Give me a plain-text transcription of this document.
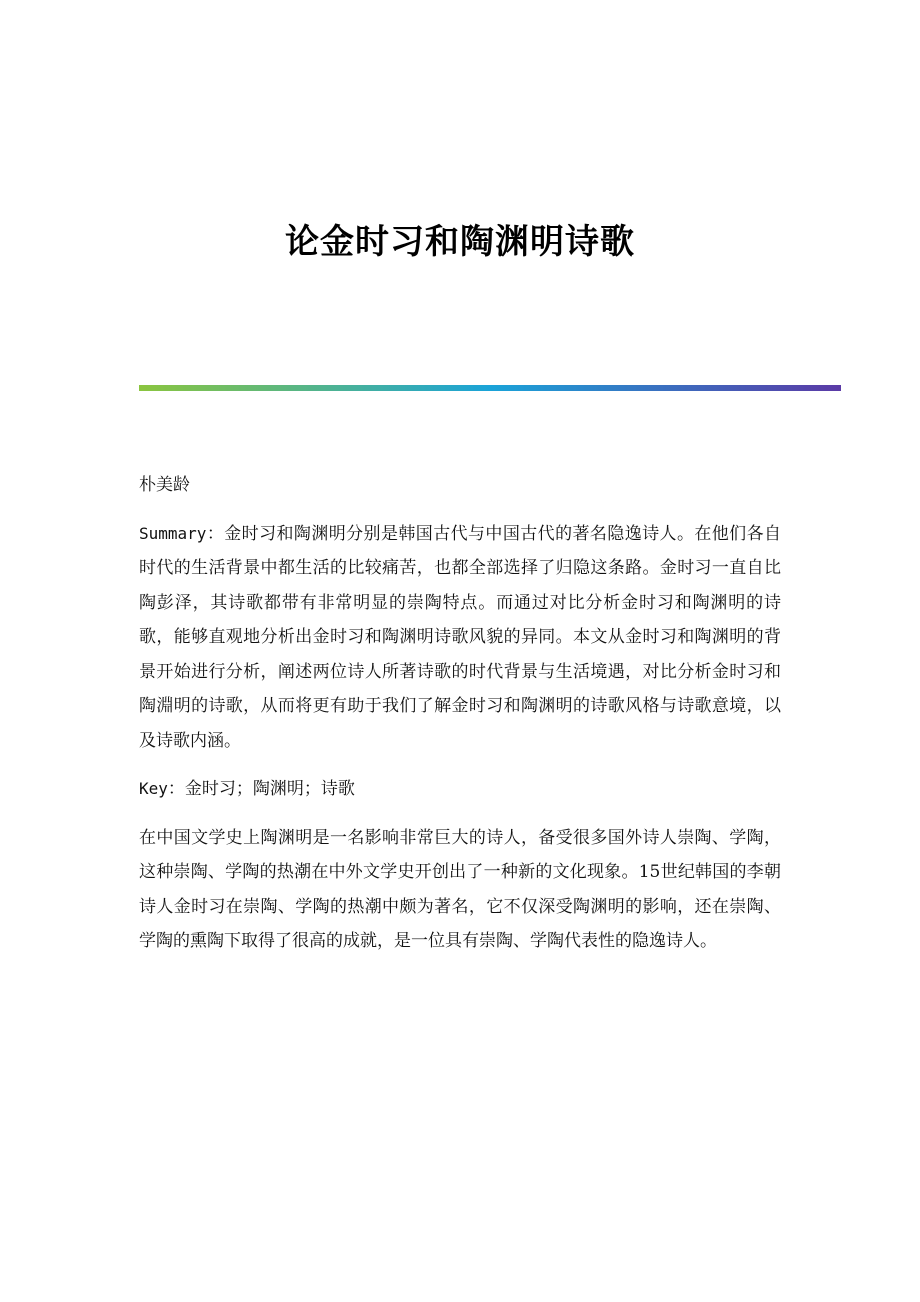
论金时习和陶渊明诗歌

朴美龄

Summary：金时习和陶渊明分别是韩国古代与中国古代的著名隐逸诗人。在他们各自时代的生活背景中都生活的比较痛苦，也都全部选择了归隐这条路。金时习一直自比陶彭泽，其诗歌都带有非常明显的崇陶特点。而通过对比分析金时习和陶渊明的诗歌，能够直观地分析出金时习和陶渊明诗歌风貌的异同。本文从金时习和陶渊明的背景开始进行分析，阐述两位诗人所著诗歌的时代背景与生活境遇，对比分析金时习和陶淵明的诗歌，从而将更有助于我们了解金时习和陶渊明的诗歌风格与诗歌意境，以及诗歌内涵。

Key：金时习；陶渊明；诗歌

在中国文学史上陶渊明是一名影响非常巨大的诗人，备受很多国外诗人崇陶、学陶，这种崇陶、学陶的热潮在中外文学史开创出了一种新的文化现象。15世纪韩国的李朝诗人金时习在崇陶、学陶的热潮中颇为著名，它不仅深受陶渊明的影响，还在崇陶、学陶的熏陶下取得了很高的成就，是一位具有崇陶、学陶代表性的隐逸诗人。
